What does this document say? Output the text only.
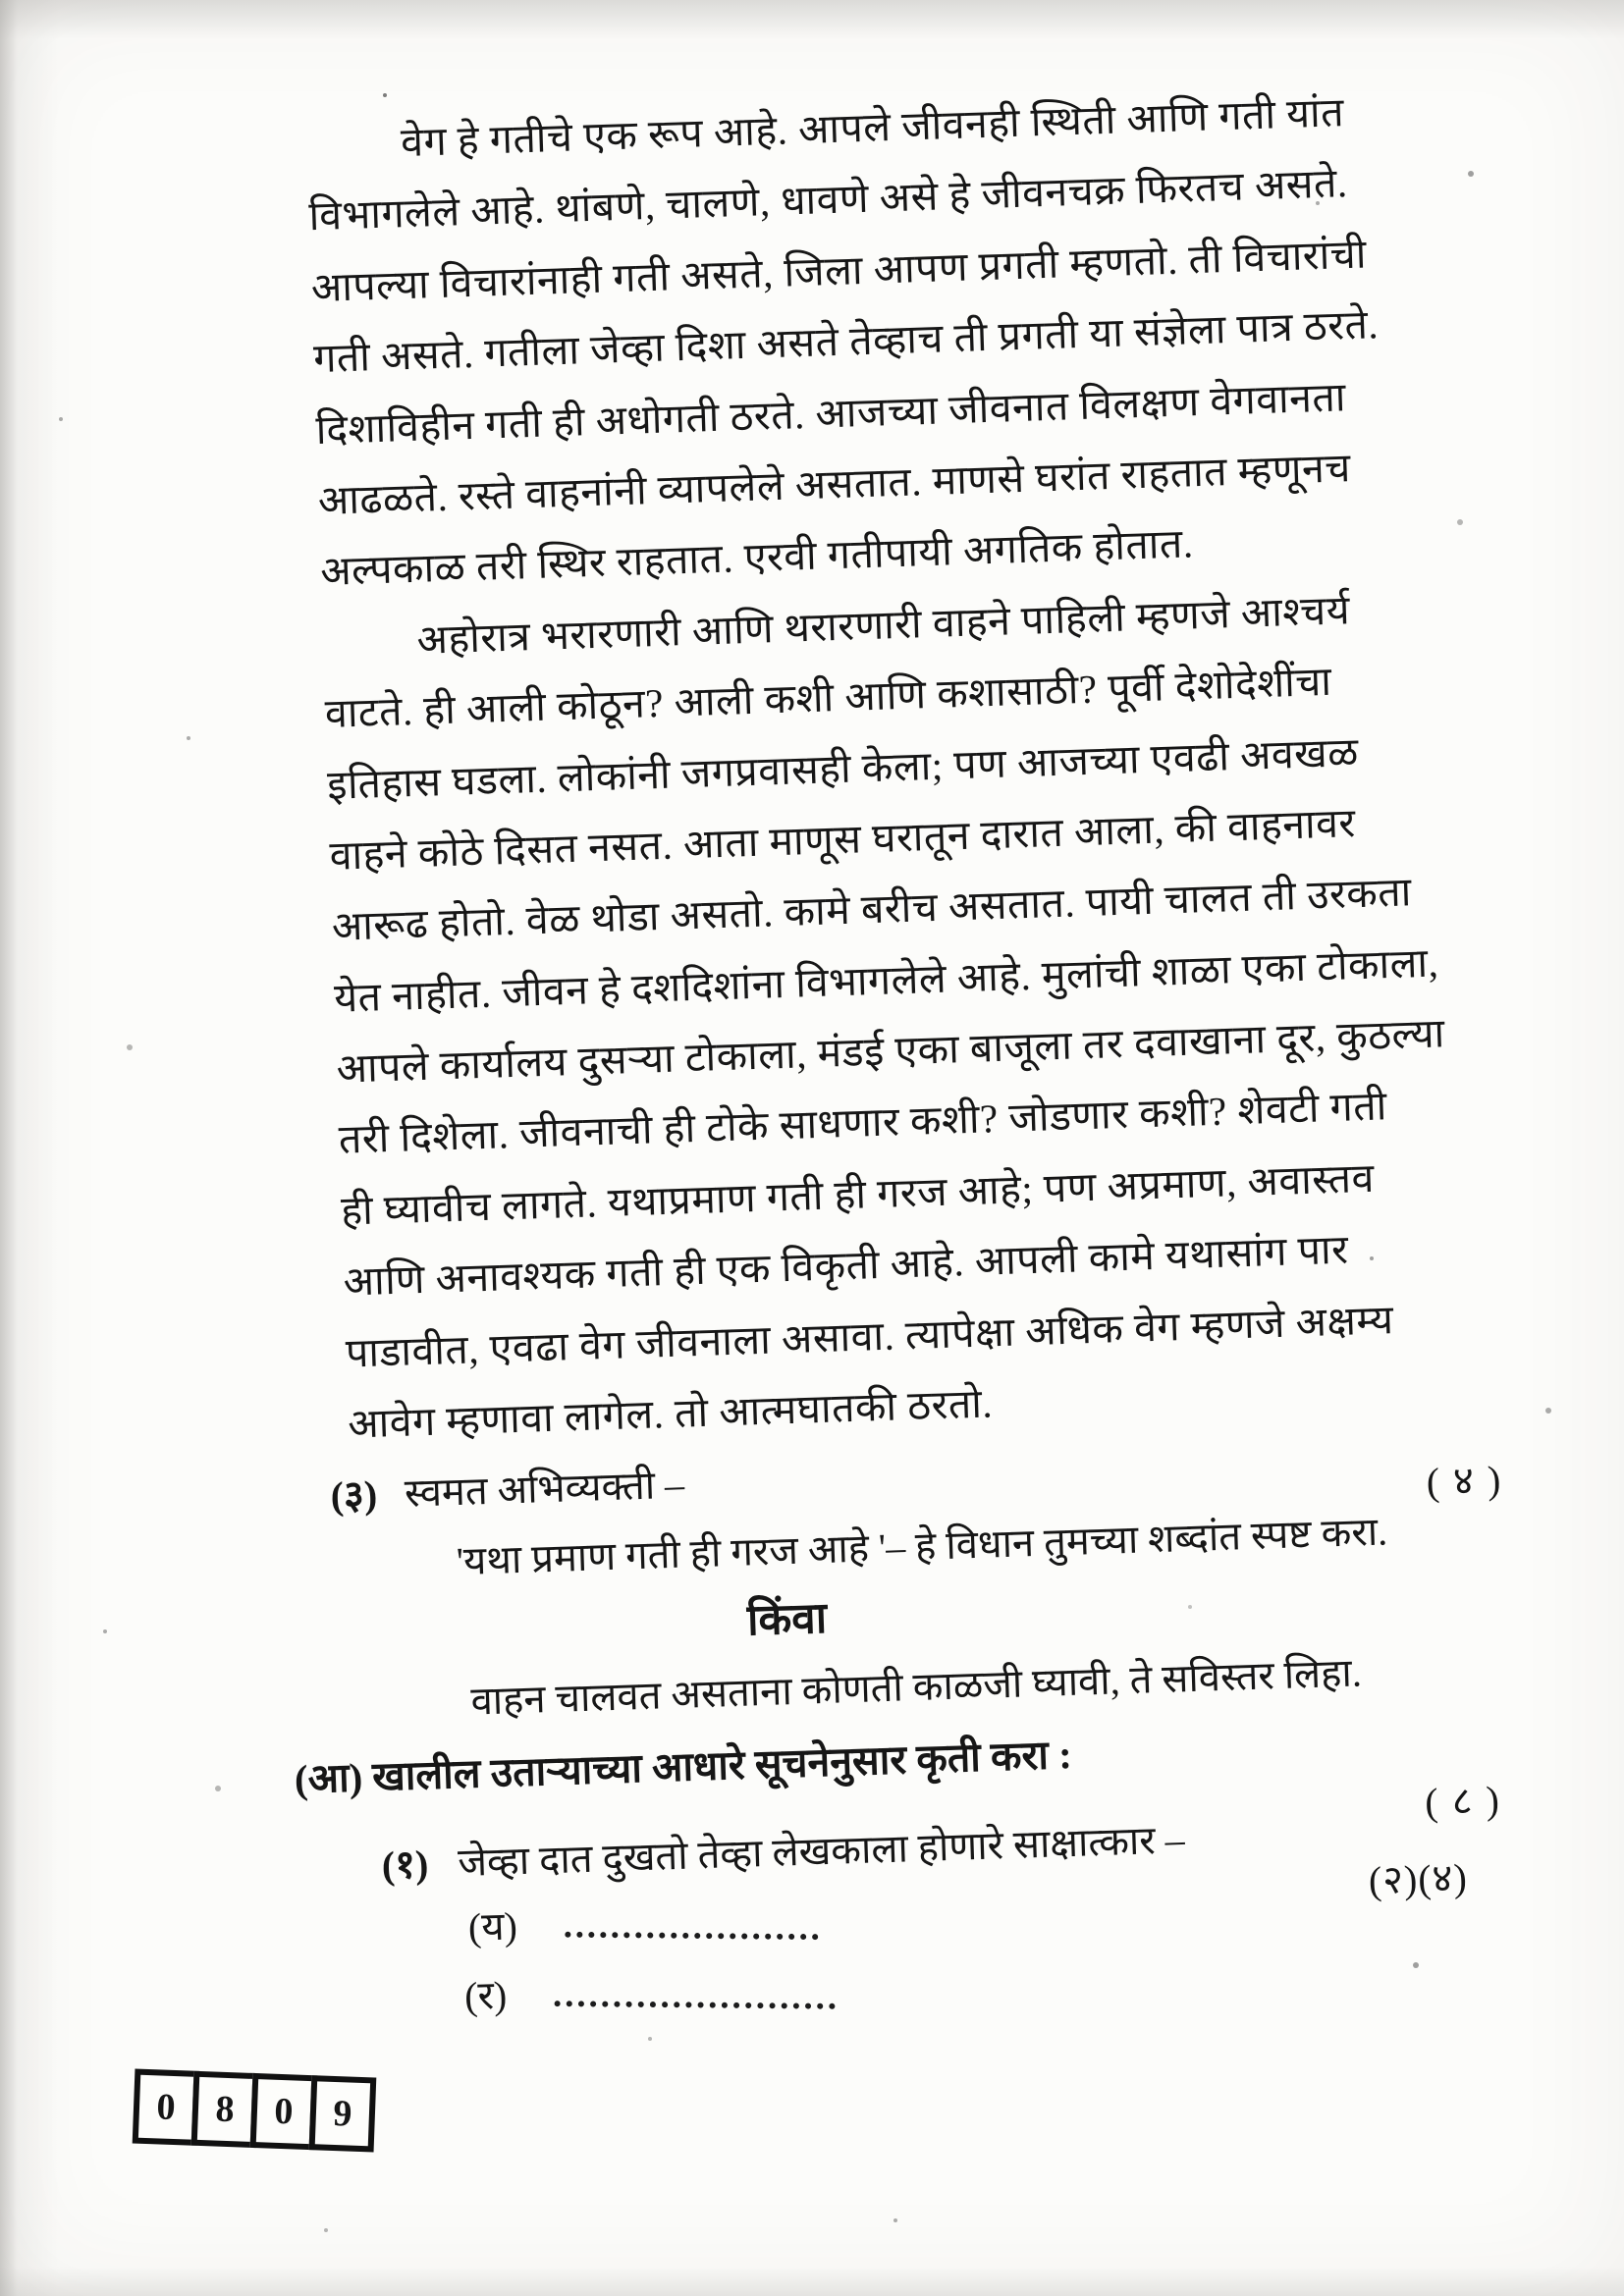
वेग हे गतीचे एक रूप आहे. आपले जीवनही स्थिती आणि गती यांत
विभागलेले आहे. थांबणे, चालणे, धावणे असे हे जीवनचक्र फिरतच असते.
आपल्या विचारांनाही गती असते, जिला आपण प्रगती म्हणतो. ती विचारांची
गती असते. गतीला जेव्हा दिशा असते तेव्हाच ती प्रगती या संज्ञेला पात्र ठरते.
दिशाविहीन गती ही अधोगती ठरते. आजच्या जीवनात विलक्षण वेगवानता
आढळते. रस्ते वाहनांनी व्यापलेले असतात. माणसे घरांत राहतात म्हणूनच
अल्पकाळ तरी स्थिर राहतात. एरवी गतीपायी अगतिक होतात.
अहोरात्र भरारणारी आणि थरारणारी वाहने पाहिली म्हणजे आश्चर्य
वाटते. ही आली कोठून? आली कशी आणि कशासाठी? पूर्वी देशोदेशींचा
इतिहास घडला. लोकांनी जगप्रवासही केला; पण आजच्या एवढी अवखळ
वाहने कोठे दिसत नसत. आता माणूस घरातून दारात आला, की वाहनावर
आरूढ होतो. वेळ थोडा असतो. कामे बरीच असतात. पायी चालत ती उरकता
येत नाहीत. जीवन हे दशदिशांना विभागलेले आहे. मुलांची शाळा एका टोकाला,
आपले कार्यालय दुसऱ्या टोकाला, मंडई एका बाजूला तर दवाखाना दूर, कुठल्या
तरी दिशेला. जीवनाची ही टोके साधणार कशी? जोडणार कशी? शेवटी गती
ही घ्यावीच लागते. यथाप्रमाण गती ही गरज आहे; पण अप्रमाण, अवास्तव
आणि अनावश्यक गती ही एक विकृती आहे. आपली कामे यथासांग पार
पाडावीत, एवढा वेग जीवनाला असावा. त्यापेक्षा अधिक वेग म्हणजे अक्षम्य
आवेग म्हणावा लागेल. तो आत्मघातकी ठरतो.
(३) स्वमत अभिव्यक्ती –	( ४ )
'यथा प्रमाण गती ही गरज आहे '– हे विधान तुमच्या शब्दांत स्पष्ट करा.
किंवा
वाहन चालवत असताना कोणती काळजी घ्यावी, ते सविस्तर लिहा.
(आ) खालील उताऱ्याच्या आधारे सूचनेनुसार कृती करा :
( ८ )
(१) जेव्हा दात दुखतो तेव्हा लेखकाला होणारे साक्षात्कार –	(२)(४)
(य)
(र)
0	8	0	9
